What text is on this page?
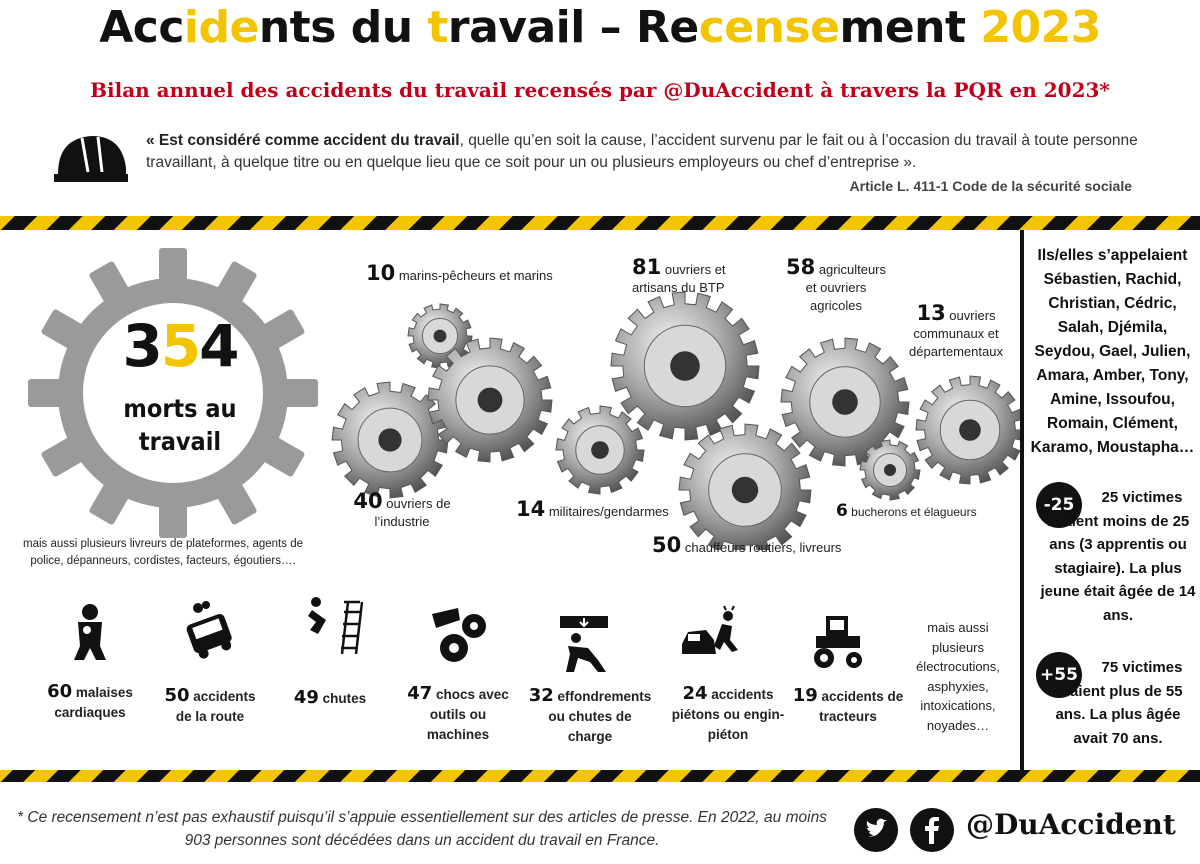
Accidents du travail – Recensement 2023
Bilan annuel des accidents du travail recensés par @DuAccident à travers la PQR en 2023*
« Est considéré comme accident du travail, quelle qu’en soit la cause, l’accident survenu par le fait ou à l’occasion du travail à toute personne travaillant, à quelque titre ou en quelque lieu que ce soit pour un ou plusieurs employeurs ou chef d’entreprise ».
Article L. 411-1 Code de la sécurité sociale
354
morts au
travail
mais aussi plusieurs livreurs de plateformes, agents de police, dépanneurs, cordistes, facteurs, égoutiers….
10 marins-pêcheurs et marins	81 ouvriers et
artisans du BTP
58 agriculteurs
et ouvriers
agricoles	13 ouvriers
communaux et
départementaux
40 ouvriers de
l’industrie
14 militaires/gendarmes	6 bucherons et élagueurs
50 chauffeurs routiers, livreurs
60 malaises
cardiaques
50 accidents
de la route
49 chutes	47 chocs avec
outils ou
machines
32 effondrements
ou chutes de
charge
24 accidents
piétons ou engin-
piéton
19 accidents de
tracteurs
mais aussi plusieurs électrocutions, asphyxies, intoxications, noyades…
Ils/elles s’appelaient
Sébastien, Rachid, Christian, Cédric, Salah, Djémila, Seydou, Gael, Julien, Amara, Amber, Tony, Amine, Issoufou, Romain, Clément, Karamo, Moustapha…
-25	25 victimes avaient moins de 25 ans (3 apprentis ou stagiaire). La plus jeune était âgée de 14 ans.
+55	75 victimes avaient plus de 55 ans. La plus âgée avait 70 ans.
* Ce recensement n’est pas exhaustif puisqu’il s’appuie essentiellement sur des articles de presse. En 2022, au moins 903 personnes sont décédées dans un accident du travail en France.	@DuAccident
